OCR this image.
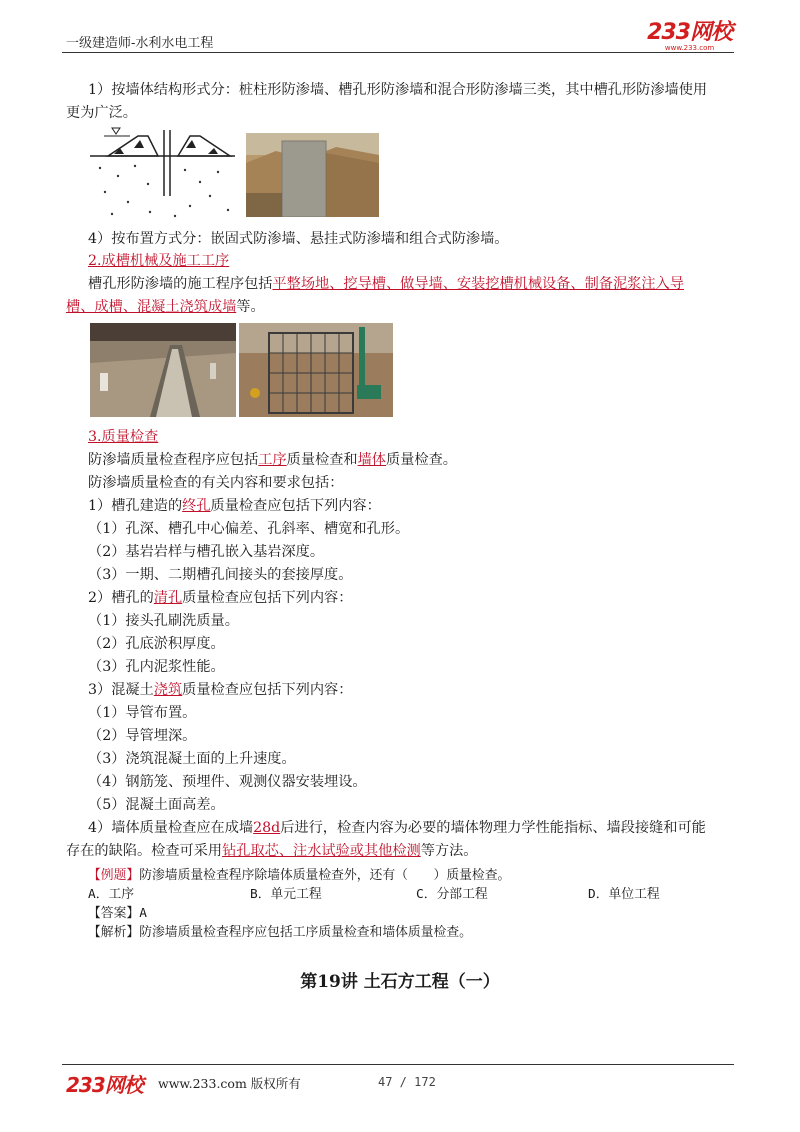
一级建造师-水利水电工程	233网校
www.233.com
1）按墙体结构形式分：桩柱形防渗墙、槽孔形防渗墙和混合形防渗墙三类，其中槽孔形防渗墙使用
更为广泛。
4）按布置方式分：嵌固式防渗墙、悬挂式防渗墙和组合式防渗墙。
2.成槽机械及施工工序
槽孔形防渗墙的施工程序包括平整场地、挖导槽、做导墙、安装挖槽机械设备、制备泥浆注入导
槽、成槽、混凝土浇筑成墙等。
3.质量检查
防渗墙质量检查程序应包括工序质量检查和墙体质量检查。
防渗墙质量检查的有关内容和要求包括：
1）槽孔建造的终孔质量检查应包括下列内容：
（1）孔深、槽孔中心偏差、孔斜率、槽宽和孔形。
（2）基岩岩样与槽孔嵌入基岩深度。
（3）一期、二期槽孔间接头的套接厚度。
2）槽孔的清孔质量检查应包括下列内容：
（1）接头孔刷洗质量。
（2）孔底淤积厚度。
（3）孔内泥浆性能。
3）混凝土浇筑质量检查应包括下列内容：
（1）导管布置。
（2）导管埋深。
（3）浇筑混凝土面的上升速度。
（4）钢筋笼、预埋件、观测仪器安装埋设。
（5）混凝土面高差。
4）墙体质量检查应在成墙28d后进行，检查内容为必要的墙体物理力学性能指标、墙段接缝和可能
存在的缺陷。检查可采用钻孔取芯、注水试验或其他检测等方法。
【例题】防渗墙质量检查程序除墙体质量检查外，还有（　　）质量检查。
A．工序	B．单元工程	C．分部工程	D．单位工程
【答案】A
【解析】防渗墙质量检查程序应包括工序质量检查和墙体质量检查。
第19讲 土石方工程（一）
233网校 www.233.com 版权所有	47 / 172
